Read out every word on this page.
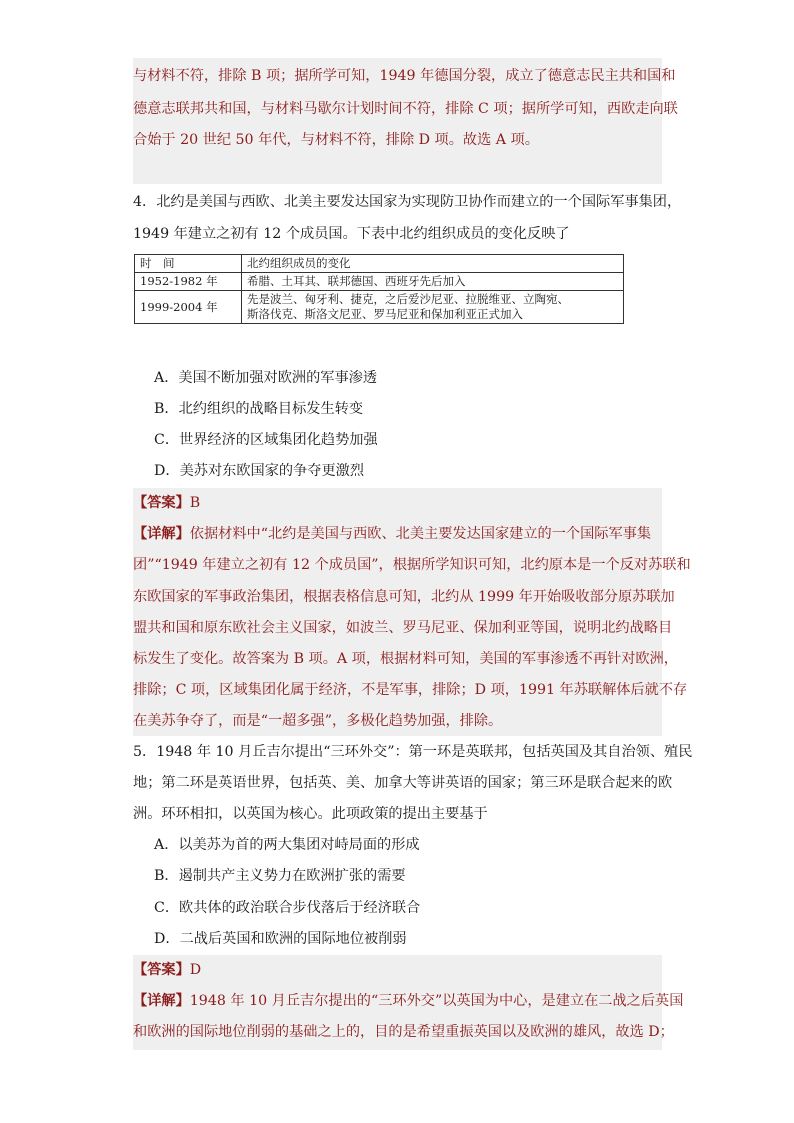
与材料不符，排除 B 项；据所学可知，1949 年德国分裂，成立了德意志民主共和国和
德意志联邦共和国，与材料马歇尔计划时间不符，排除 C 项；据所学可知，西欧走向联
合始于 20 世纪 50 年代，与材料不符，排除 D 项。故选 A 项。
4．北约是美国与西欧、北美主要发达国家为实现防卫协作而建立的一个国际军事集团，
1949 年建立之初有 12 个成员国。下表中北约组织成员的变化反映了
时　间	北约组织成员的变化
1952-1982 年	希腊、土耳其、联邦德国、西班牙先后加入
1999-2004 年	先是波兰、匈牙利、捷克，之后爱沙尼亚、拉脱维亚、立陶宛、
斯洛伐克、斯洛文尼亚、罗马尼亚和保加利亚正式加入
A．美国不断加强对欧洲的军事渗透
B．北约组织的战略目标发生转变
C．世界经济的区域集团化趋势加强
D．美苏对东欧国家的争夺更激烈
【答案】B
【详解】依据材料中“北约是美国与西欧、北美主要发达国家建立的一个国际军事集
团”“1949 年建立之初有 12 个成员国”，根据所学知识可知，北约原本是一个反对苏联和
东欧国家的军事政治集团，根据表格信息可知，北约从 1999 年开始吸收部分原苏联加
盟共和国和原东欧社会主义国家，如波兰、罗马尼亚、保加利亚等国，说明北约战略目
标发生了变化。故答案为 B 项。A 项，根据材料可知，美国的军事渗透不再针对欧洲，
排除；C 项，区域集团化属于经济，不是军事，排除；D 项，1991 年苏联解体后就不存
在美苏争夺了，而是“一超多强”，多极化趋势加强，排除。
5．1948 年 10 月丘吉尔提出“三环外交”：第一环是英联邦，包括英国及其自治领、殖民
地；第二环是英语世界，包括英、美、加拿大等讲英语的国家；第三环是联合起来的欧
洲。环环相扣，以英国为核心。此项政策的提出主要基于
A．以美苏为首的两大集团对峙局面的形成
B．遏制共产主义势力在欧洲扩张的需要
C．欧共体的政治联合步伐落后于经济联合
D．二战后英国和欧洲的国际地位被削弱
【答案】D
【详解】1948 年 10 月丘吉尔提出的“三环外交”以英国为中心，是建立在二战之后英国
和欧洲的国际地位削弱的基础之上的，目的是希望重振英国以及欧洲的雄风，故选 D；
